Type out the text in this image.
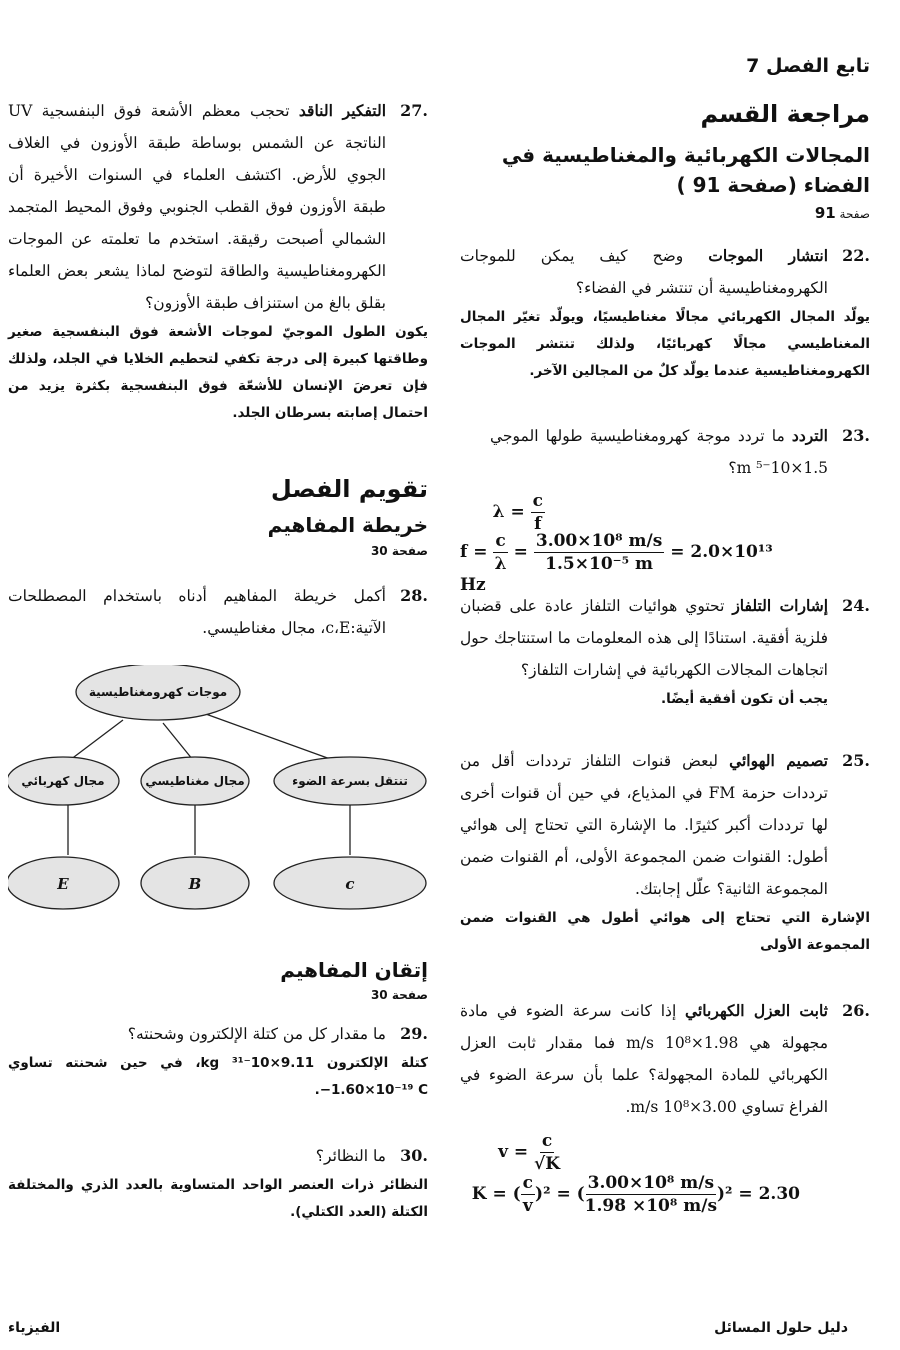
تابع الفصل 7
مراجعة القسم
المجالات الكهربائية والمغناطيسية في الفضاء (صفحة 91 )
صفحة 91
.22
انتشار الموجات وضح كيف يمكن للموجات الكهرومغناطيسية أن تنتشر في الفضاء؟
يولّد المجال الكهربائي مجالًا مغناطيسيًا، ويولّد تغيّر المجال المغناطيسي مجالًا كهربائيًا، ولذلك تنتشر الموجات الكهرومغناطيسية عندما يولّد كلٌ من المجالين الآخر.
.23
التردد ما تردد موجة كهرومغناطيسية طولها الموجي 1.5×10⁻⁵ m؟
$\lambda = \frac{c}{f}$
$f = \frac{c}{\lambda} = \frac{\text{3.00×10⁸ m/s}}{\text{1.5×10⁻⁵ m}} = 2.0\times 10^{13}$ Hz
.24
إشارات التلفاز تحتوي هوائيات التلفاز عادة على قضبان فلزية أفقية. استنادًا إلى هذه المعلومات ما استنتاجك حول اتجاهات المجالات الكهربائية في إشارات التلفاز؟
يجب أن تكون أفقية أيضًا.
.25
تصميم الهوائي لبعض قنوات التلفاز ترددات أقل من ترددات حزمة FM في المذياع، في حين أن قنوات أخرى لها ترددات أكبر كثيرًا. ما الإشارة التي تحتاج إلى هوائي أطول: القنوات ضمن المجموعة الأولى، أم القنوات ضمن المجموعة الثانية؟ علّل إجابتك.
الإشارة التي تحتاج إلى هوائي أطول هي القنوات ضمن المجموعة الأولى
.26
ثابت العزل الكهربائي إذا كانت سرعة الضوء في مادة مجهولة هي 1.98×10⁸ m/s فما مقدار ثابت العزل الكهربائي للمادة المجهولة؟ علما بأن سرعة الضوء في الفراغ تساوي 3.00×10⁸ m/s.
$v = \frac{c}{√K}$
K = ( $\frac{c}{v} )^2$ = ( $\frac{\text{3.00×10⁸ m/s}}{\text{1.98 ×10⁸ m/s}} )^2 = 2.30$
.27
التفكير الناقد تحجب معظم الأشعة فوق البنفسجية UV الناتجة عن الشمس بوساطة طبقة الأوزون في الغلاف الجوي للأرض. اكتشف العلماء في السنوات الأخيرة أن طبقة الأوزون فوق القطب الجنوبي وفوق المحيط المتجمد الشمالي أصبحت رقيقة. استخدم ما تعلمته عن الموجات الكهرومغناطيسية والطاقة لتوضح لماذا يشعر بعض العلماء بقلق بالغ من استنزاف طبقة الأوزون؟
يكون الطول الموجيّ لموجات الأشعة فوق البنفسجية صغير وطاقتها كبيرة إلى درجة تكفي لتحطيم الخلايا في الجلد، ولذلك فإن تعرضَ الإنسان للأشعّة فوق البنفسجية بكثرة يزيد من احتمال إصابته بسرطان الجلد.
تقويم الفصل
خريطة المفاهيم
صفحة 30
.28
أكمل خريطة المفاهيم أدناه باستخدام المصطلحات الآتية:c،E، مجال مغناطيسي.
موجات كهرومغناطيسية
مجال كهربائي	مجال مغناطيسي	تنتقل بسرعة الضوء
E	B	c
إتقان المفاهيم
صفحة 30
.29
ما مقدار كل من كتلة الإلكترون وشحنته؟
كتلة الإلكترون 9.11×10⁻³¹ kg، في حين شحنته تساوي ‎−1.60×10⁻¹⁹ C.
.30
ما النظائر؟
النظائر ذرات العنصر الواحد المتساوية بالعدد الذري والمختلفة الكتلة (العدد الكتلي).
دليل حلول المسائل
الفيزياء
